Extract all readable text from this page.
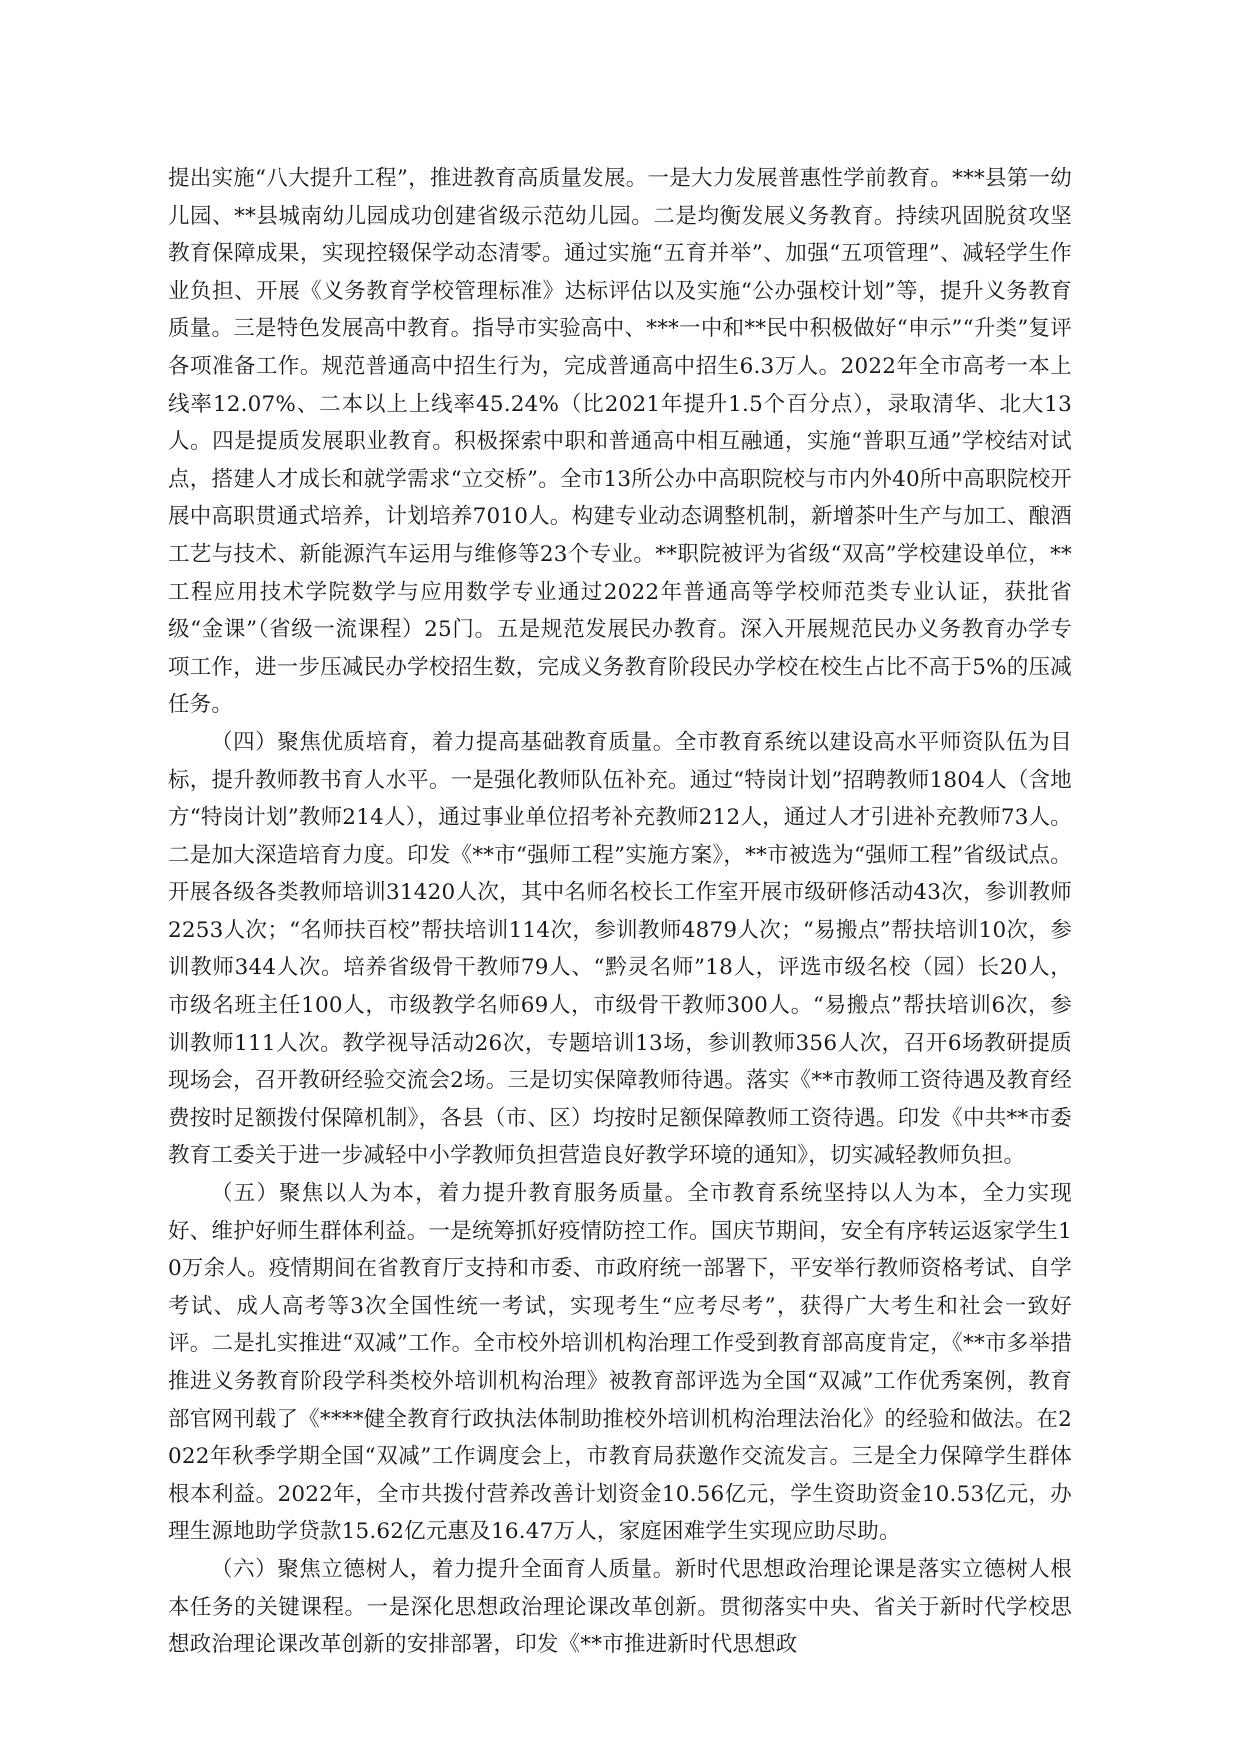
提出实施“八大提升工程”，推进教育高质量发展。一是大力发展普惠性学前教育。***县第一幼儿园、**县城南幼儿园成功创建省级示范幼儿园。二是均衡发展义务教育。持续巩固脱贫攻坚教育保障成果，实现控辍保学动态清零。通过实施“五育并举”、加强“五项管理”、减轻学生作业负担、开展《义务教育学校管理标准》达标评估以及实施“公办强校计划”等，提升义务教育质量。三是特色发展高中教育。指导市实验高中、***一中和**民中积极做好“申示”“升类”复评各项准备工作。规范普通高中招生行为，完成普通高中招生6.3万人。2022年全市高考一本上线率12.07%、二本以上上线率45.24%（比2021年提升1.5个百分点），录取清华、北大13人。四是提质发展职业教育。积极探索中职和普通高中相互融通，实施“普职互通”学校结对试点，搭建人才成长和就学需求“立交桥”。全市13所公办中高职院校与市内外40所中高职院校开展中高职贯通式培养，计划培养7010人。构建专业动态调整机制，新增茶叶生产与加工、酿酒工艺与技术、新能源汽车运用与维修等23个专业。**职院被评为省级“双高”学校建设单位，**工程应用技术学院数学与应用数学专业通过2022年普通高等学校师范类专业认证，获批省级“金课”（省级一流课程）25门。五是规范发展民办教育。深入开展规范民办义务教育办学专项工作，进一步压减民办学校招生数，完成义务教育阶段民办学校在校生占比不高于5%的压减任务。

（四）聚焦优质培育，着力提高基础教育质量。全市教育系统以建设高水平师资队伍为目标，提升教师教书育人水平。一是强化教师队伍补充。通过“特岗计划”招聘教师1804人（含地方“特岗计划”教师214人），通过事业单位招考补充教师212人，通过人才引进补充教师73人。二是加大深造培育力度。印发《**市“强师工程”实施方案》，**市被选为“强师工程”省级试点。开展各级各类教师培训31420人次，其中名师名校长工作室开展市级研修活动43次，参训教师2253人次；“名师扶百校”帮扶培训114次，参训教师4879人次；“易搬点”帮扶培训10次，参训教师344人次。培养省级骨干教师79人、“黔灵名师”18人，评选市级名校（园）长20人，市级名班主任100人，市级教学名师69人，市级骨干教师300人。“易搬点”帮扶培训6次，参训教师111人次。教学视导活动26次，专题培训13场，参训教师356人次，召开6场教研提质现场会，召开教研经验交流会2场。三是切实保障教师待遇。落实《**市教师工资待遇及教育经费按时足额拨付保障机制》，各县（市、区）均按时足额保障教师工资待遇。印发《中共**市委教育工委关于进一步减轻中小学教师负担营造良好教学环境的通知》，切实减轻教师负担。

（五）聚焦以人为本，着力提升教育服务质量。全市教育系统坚持以人为本，全力实现好、维护好师生群体利益。一是统筹抓好疫情防控工作。国庆节期间，安全有序转运返家学生10万余人。疫情期间在省教育厅支持和市委、市政府统一部署下，平安举行教师资格考试、自学考试、成人高考等3次全国性统一考试，实现考生“应考尽考”，获得广大考生和社会一致好评。二是扎实推进“双减”工作。全市校外培训机构治理工作受到教育部高度肯定，《**市多举措推进义务教育阶段学科类校外培训机构治理》被教育部评选为全国“双减”工作优秀案例，教育部官网刊载了《****健全教育行政执法体制助推校外培训机构治理法治化》的经验和做法。在2022年秋季学期全国“双减”工作调度会上，市教育局获邀作交流发言。三是全力保障学生群体根本利益。2022年，全市共拨付营养改善计划资金10.56亿元，学生资助资金10.53亿元，办理生源地助学贷款15.62亿元惠及16.47万人，家庭困难学生实现应助尽助。

（六）聚焦立德树人，着力提升全面育人质量。新时代思想政治理论课是落实立德树人根本任务的关键课程。一是深化思想政治理论课改革创新。贯彻落实中央、省关于新时代学校思想政治理论课改革创新的安排部署，印发《**市推进新时代思想政
